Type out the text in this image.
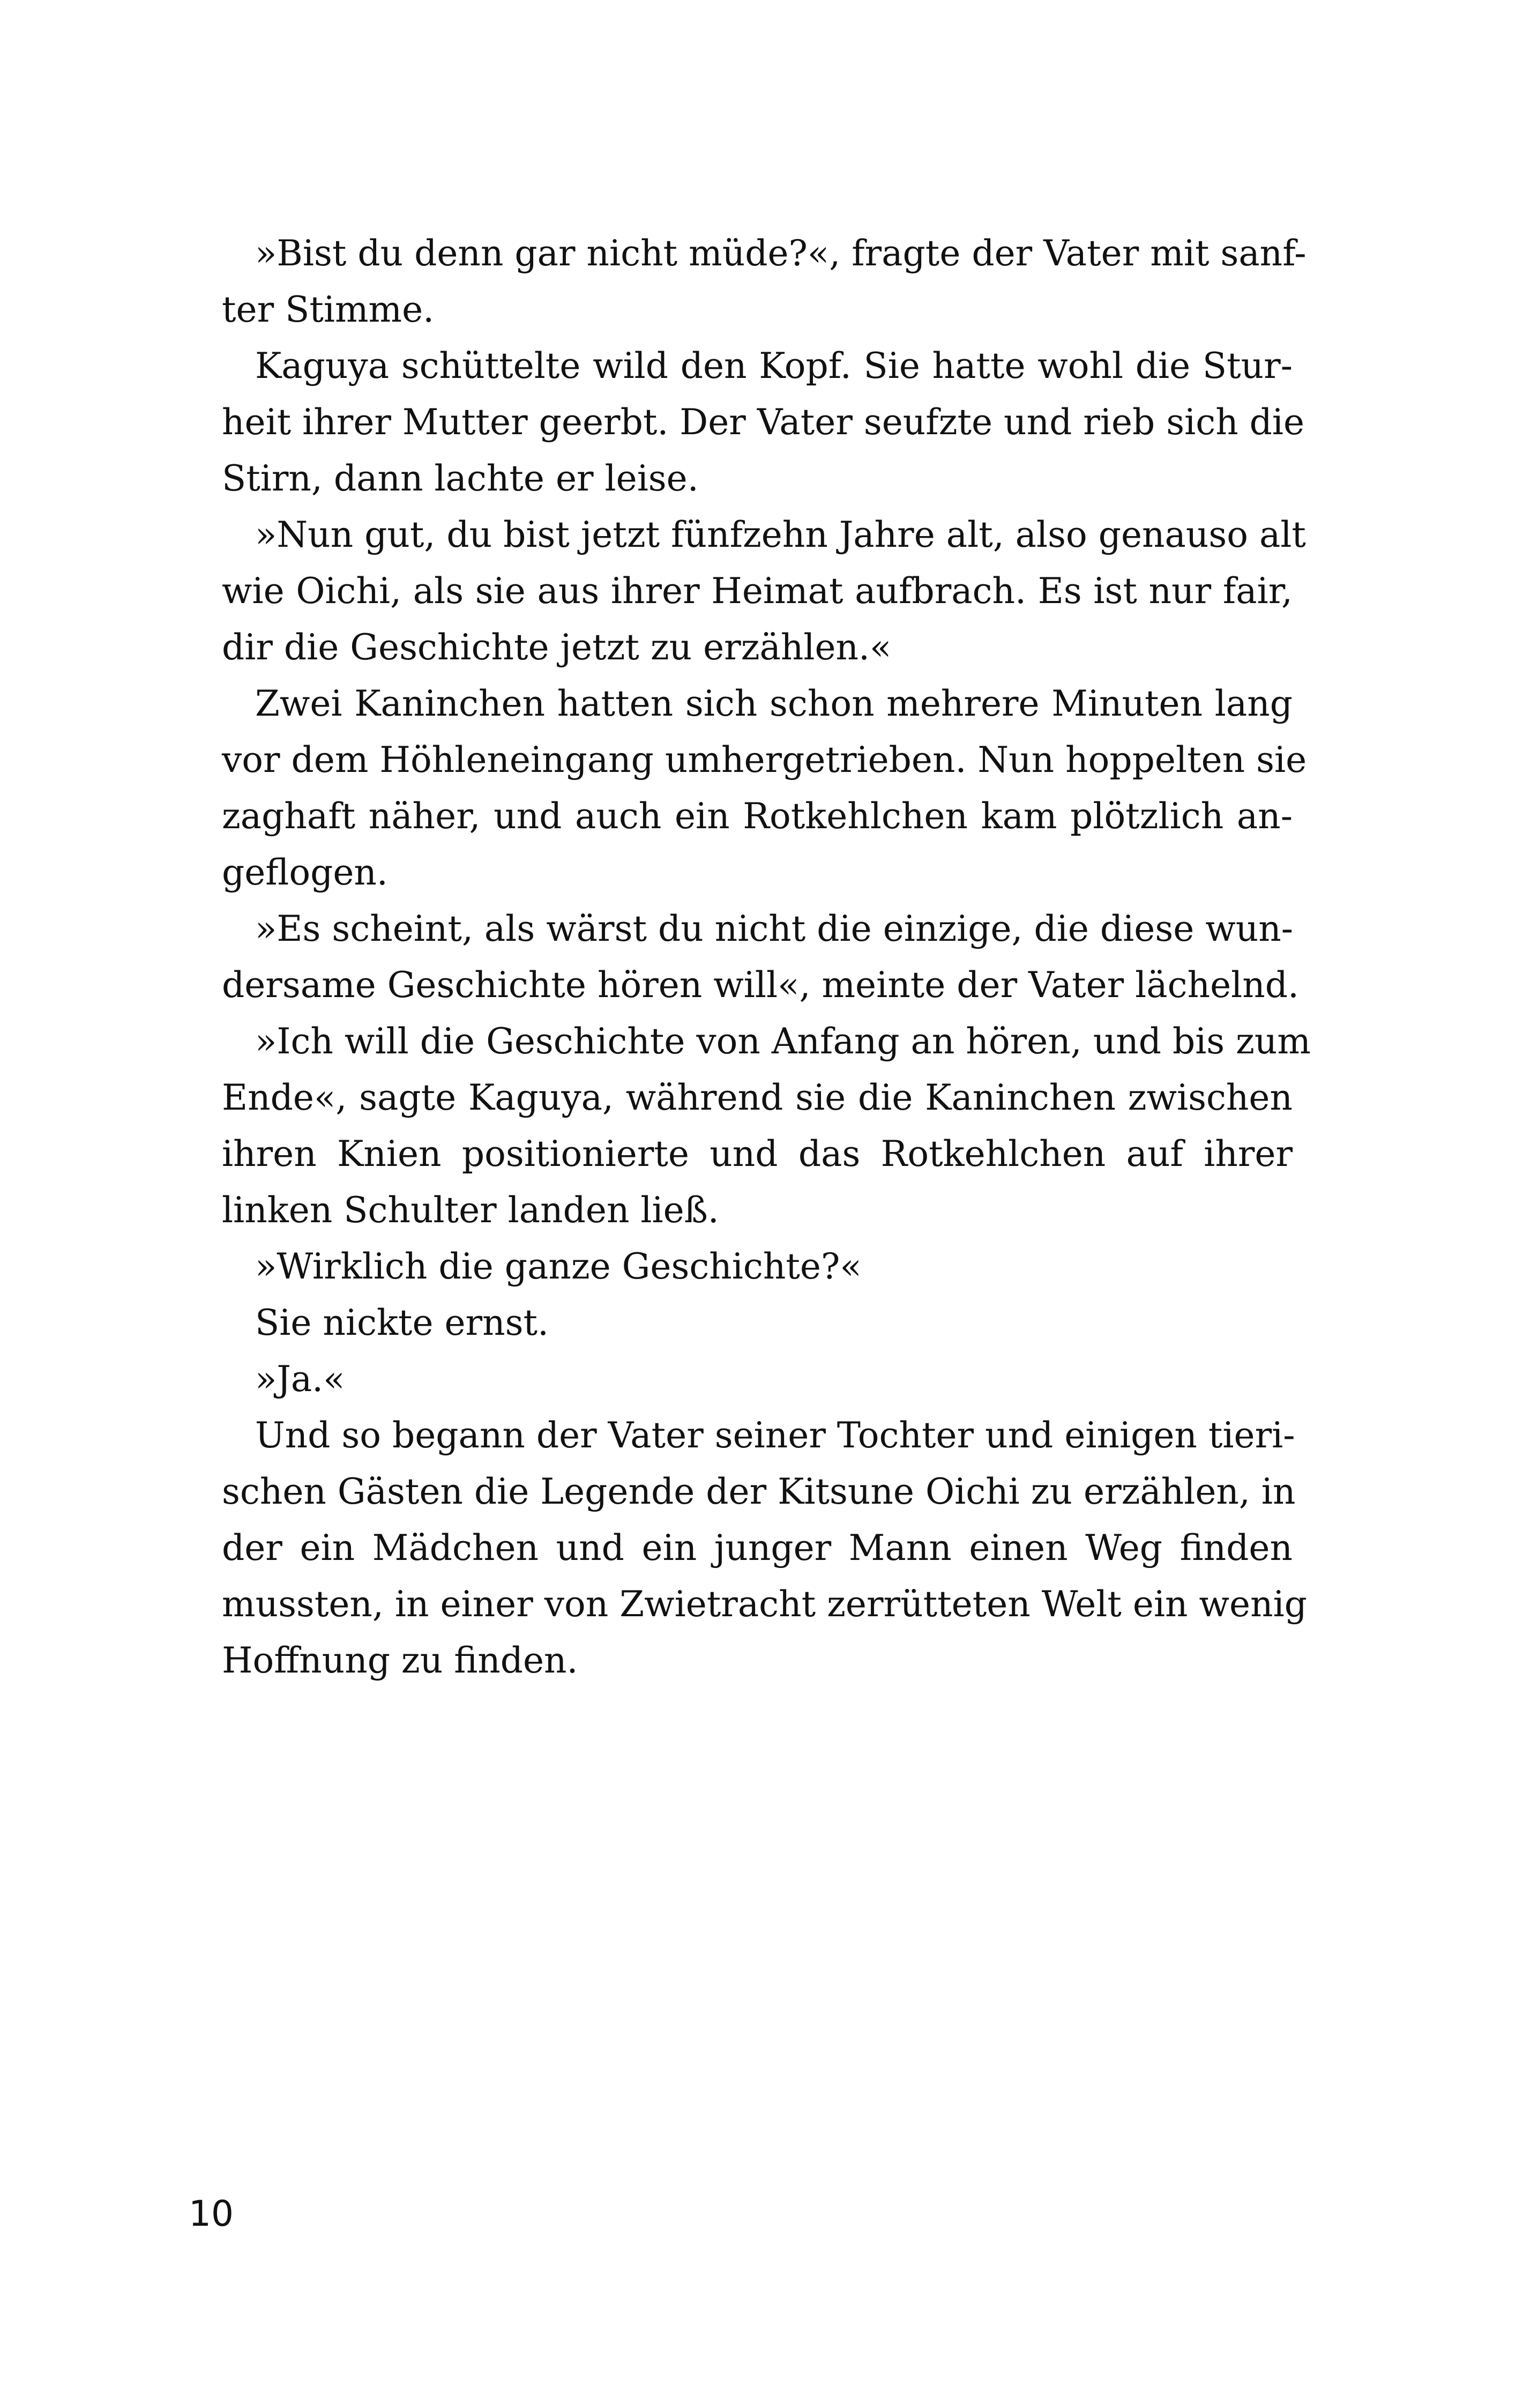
»Bist du denn gar nicht müde?«, fragte der Vater mit sanf-
ter Stimme.

Kaguya schüttelte wild den Kopf. Sie hatte wohl die Stur-
heit ihrer Mutter geerbt. Der Vater seufzte und rieb sich die
Stirn, dann lachte er leise.

»Nun gut, du bist jetzt fünfzehn Jahre alt, also genauso alt
wie Oichi, als sie aus ihrer Heimat aufbrach. Es ist nur fair,
dir die Geschichte jetzt zu erzählen.«

Zwei Kaninchen hatten sich schon mehrere Minuten lang
vor dem Höhleneingang umhergetrieben. Nun hoppelten sie
zaghaft näher, und auch ein Rotkehlchen kam plötzlich an-
geflogen.

»Es scheint, als wärst du nicht die einzige, die diese wun-
dersame Geschichte hören will«, meinte der Vater lächelnd.

»Ich will die Geschichte von Anfang an hören, und bis zum
Ende«, sagte Kaguya, während sie die Kaninchen zwischen
ihren Knien positionierte und das Rotkehlchen auf ihrer
linken Schulter landen ließ.

»Wirklich die ganze Geschichte?«

Sie nickte ernst.

»Ja.«

Und so begann der Vater seiner Tochter und einigen tieri-
schen Gästen die Legende der Kitsune Oichi zu erzählen, in
der ein Mädchen und ein junger Mann einen Weg finden
mussten, in einer von Zwietracht zerrütteten Welt ein wenig
Hoffnung zu finden.

10
